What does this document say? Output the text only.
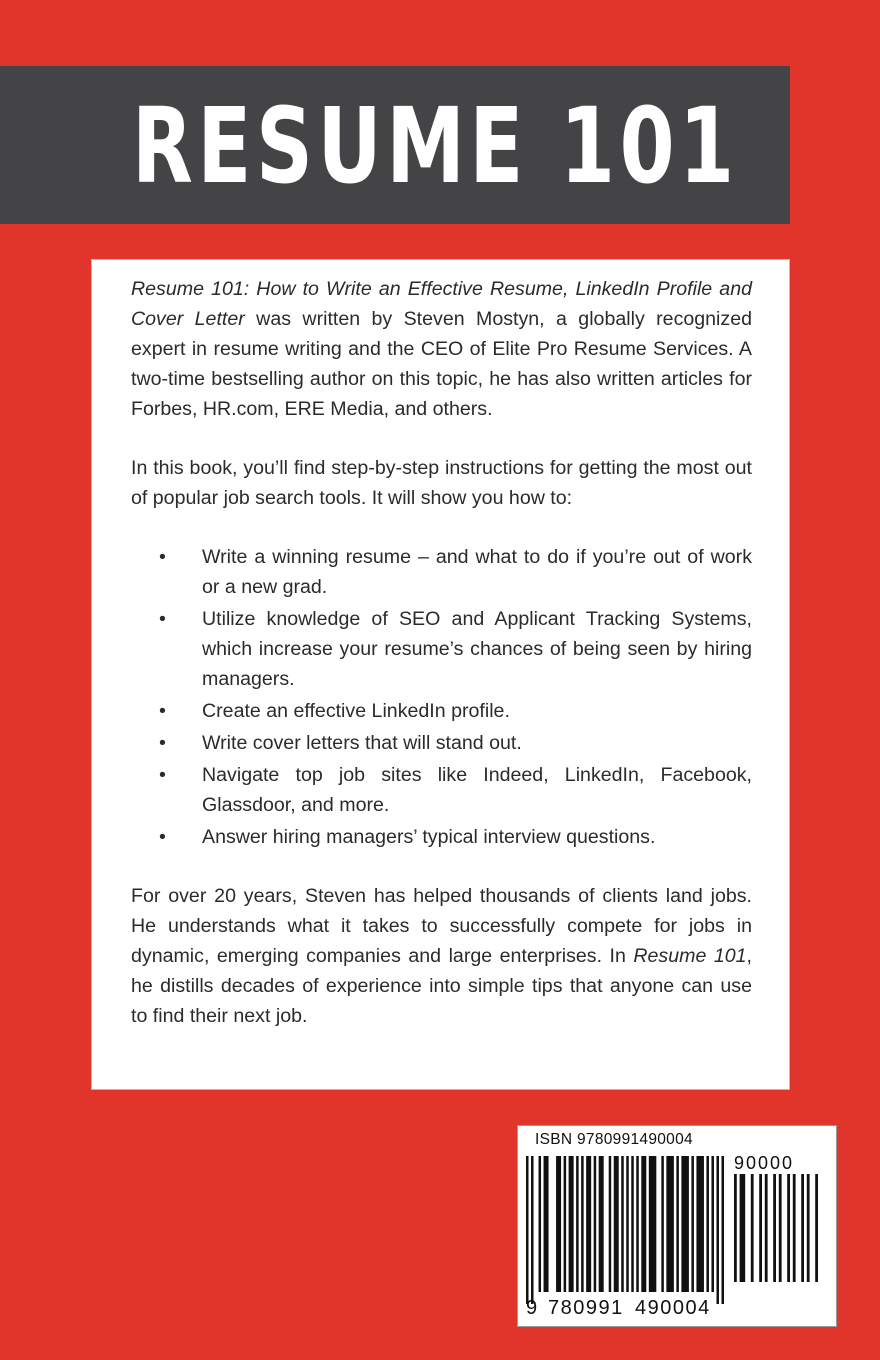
RESUME 101

Resume 101: How to Write an Effective Resume, LinkedIn Profile and Cover Letter was written by Steven Mostyn, a globally recognized expert in resume writing and the CEO of Elite Pro Resume Services. A two-time bestselling author on this topic, he has also written articles for Forbes, HR.com, ERE Media, and others.

In this book, you’ll find step-by-step instructions for getting the most out of popular job search tools. It will show you how to:

•	Write a winning resume – and what to do if you’re out of work or a new grad.
•	Utilize knowledge of SEO and Applicant Tracking Systems, which increase your resume’s chances of being seen by hiring managers.
•	Create an effective LinkedIn profile.
•	Write cover letters that will stand out.
•	Navigate top job sites like Indeed, LinkedIn, Facebook, Glassdoor, and more.
•	Answer hiring managers’ typical interview questions.

For over 20 years, Steven has helped thousands of clients land jobs. He understands what it takes to successfully compete for jobs in dynamic, emerging companies and large enterprises. In Resume 101, he distills decades of experience into simple tips that anyone can use to find their next job.

ISBN 9780991490004
90000
9 780991 490004
